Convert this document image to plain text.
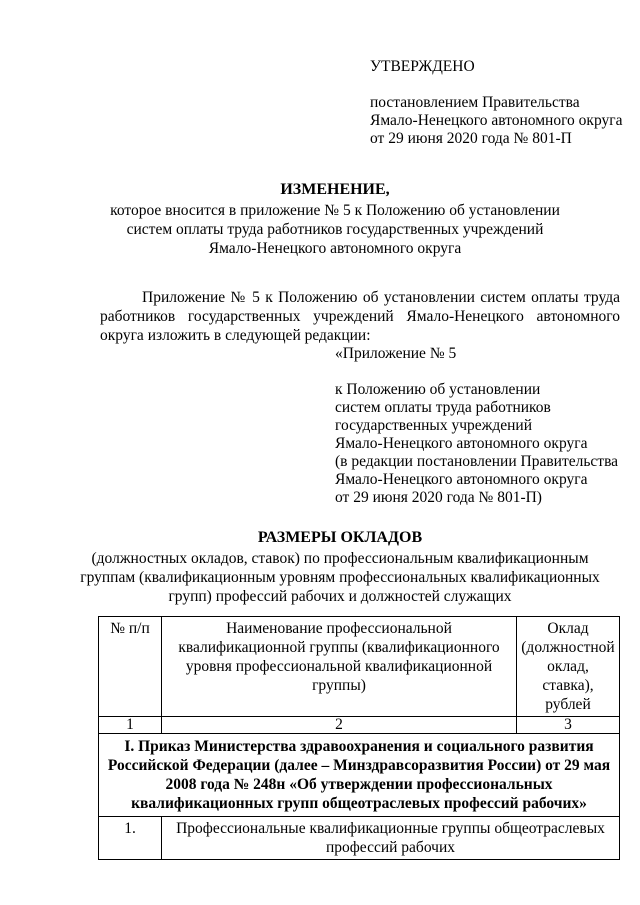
УТВЕРЖДЕНО
постановлением Правительства
Ямало-Ненецкого автономного округа
от 29 июня 2020 года № 801-П
ИЗМЕНЕНИЕ,
которое вносится в приложение № 5 к Положению об установлении
систем оплаты труда работников государственных учреждений
Ямало-Ненецкого автономного округа
Приложение № 5 к Положению об установлении систем оплаты труда
работников государственных учреждений Ямало-Ненецкого автономного
округа изложить в следующей редакции:
«Приложение № 5
к Положению об установлении
систем оплаты труда работников
государственных учреждений
Ямало-Ненецкого автономного округа
(в редакции постановлении Правительства
Ямало-Ненецкого автономного округа
от 29 июня 2020 года № 801-П)
РАЗМЕРЫ ОКЛАДОВ
(должностных окладов, ставок) по профессиональным квалификационным
группам (квалификационным уровням профессиональных квалификационных
групп) профессий рабочих и должностей служащих
№ п/п	Наименование профессиональной квалификационной группы (квалификационного уровня профессиональной квалификационной группы)	Оклад (должностной оклад, ставка), рублей
1	2	3
I. Приказ Министерства здравоохранения и социального развития Российской Федерации (далее – Минздравсоразвития России) от 29 мая 2008 года № 248н «Об утверждении профессиональных квалификационных групп общеотраслевых профессий рабочих»		
1.	Профессиональные квалификационные группы общеотраслевых профессий рабочих	
